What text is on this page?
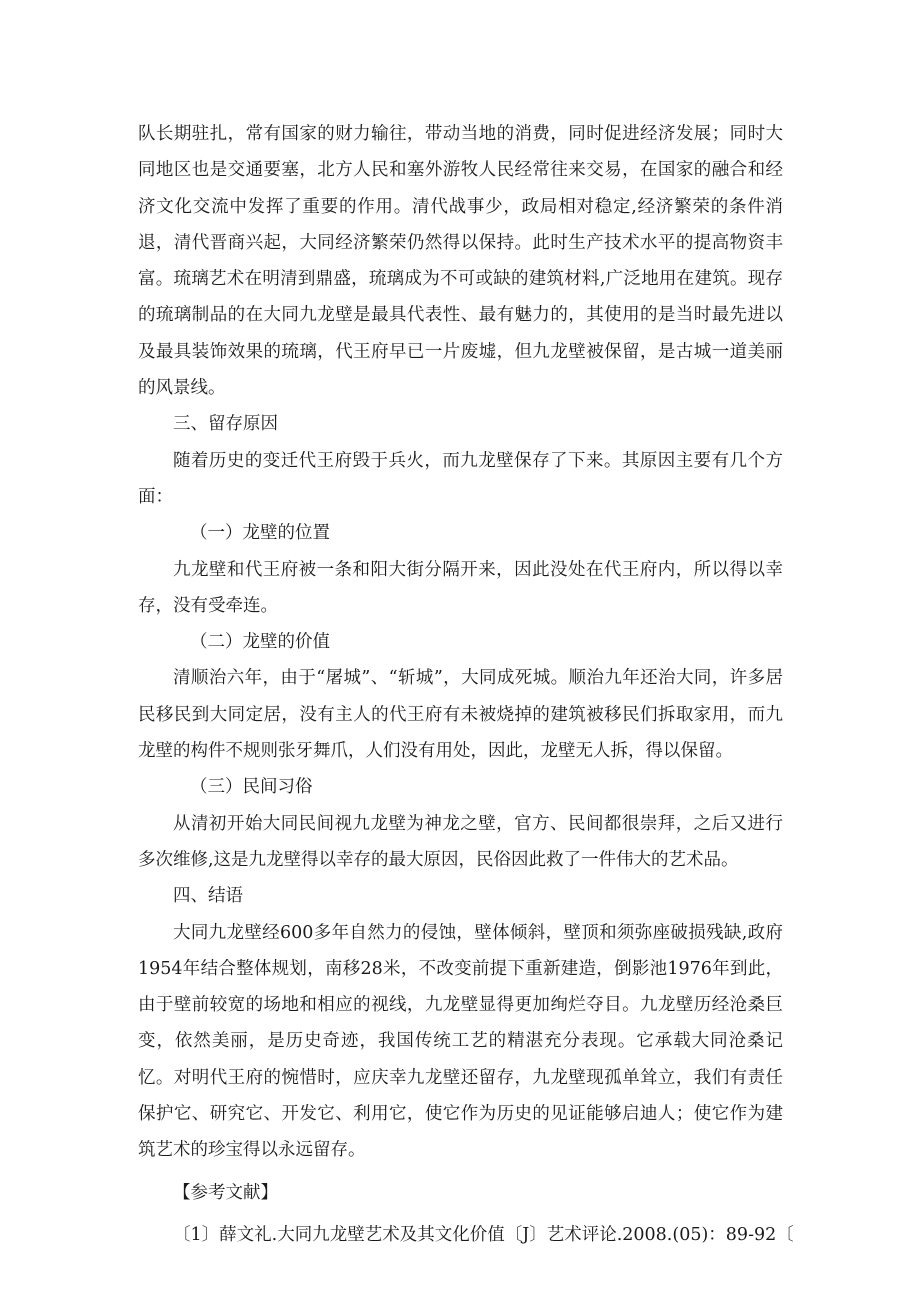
队长期驻扎，常有国家的财力输往，带动当地的消费，同时促进经济发展；同时大同地区也是交通要塞，北方人民和塞外游牧人民经常往来交易，在国家的融合和经济文化交流中发挥了重要的作用。清代战事少，政局相对稳定,经济繁荣的条件消退，清代晋商兴起，大同经济繁荣仍然得以保持。此时生产技术水平的提高物资丰富。琉璃艺术在明清到鼎盛，琉璃成为不可或缺的建筑材料,广泛地用在建筑。现存的琉璃制品的在大同九龙壁是最具代表性、最有魅力的，其使用的是当时最先进以及最具装饰效果的琉璃，代王府早已一片废墟，但九龙壁被保留，是古城一道美丽的风景线。

三、留存原因

随着历史的变迁代王府毁于兵火，而九龙壁保存了下来。其原因主要有几个方面：

（一）龙壁的位置

九龙壁和代王府被一条和阳大街分隔开来，因此没处在代王府内，所以得以幸存，没有受牵连。

（二）龙壁的价值

清顺治六年，由于“屠城”、“斩城”，大同成死城。顺治九年还治大同，许多居民移民到大同定居，没有主人的代王府有未被烧掉的建筑被移民们拆取家用，而九龙壁的构件不规则张牙舞爪，人们没有用处，因此，龙壁无人拆，得以保留。

（三）民间习俗

从清初开始大同民间视九龙壁为神龙之壁，官方、民间都很崇拜，之后又进行多次维修,这是九龙壁得以幸存的最大原因，民俗因此救了一件伟大的艺术品。

四、结语

大同九龙壁经600多年自然力的侵蚀，壁体倾斜，壁顶和须弥座破损残缺,政府1954年结合整体规划，南移28米，不改变前提下重新建造，倒影池1976年到此，由于壁前较宽的场地和相应的视线，九龙壁显得更加绚烂夺目。九龙壁历经沧桑巨变，依然美丽，是历史奇迹，我国传统工艺的精湛充分表现。它承载大同沧桑记忆。对明代王府的惋惜时，应庆幸九龙壁还留存，九龙壁现孤单耸立，我们有责任保护它、研究它、开发它、利用它，使它作为历史的见证能够启迪人；使它作为建筑艺术的珍宝得以永远留存。

【参考文献】

〔1〕薛文礼.大同九龙壁艺术及其文化价值〔J〕艺术评论.2008.(05)：89-92〔
